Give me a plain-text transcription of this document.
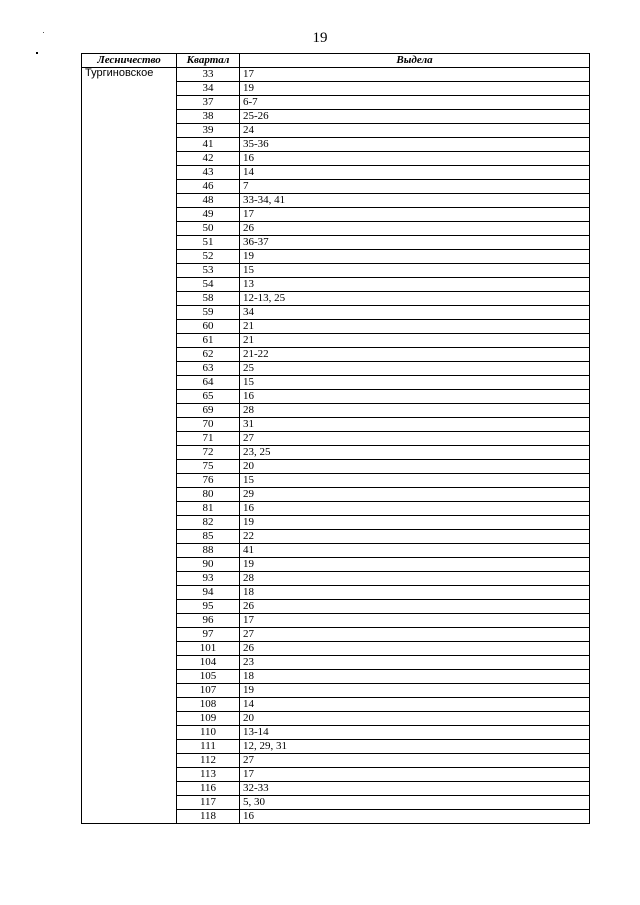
19
Лесничество	Квартал	Выдела
Тургиновское	33	17
	34	19
	37	6-7
	38	25-26
	39	24
	41	35-36
	42	16
	43	14
	46	7
	48	33-34, 41
	49	17
	50	26
	51	36-37
	52	19
	53	15
	54	13
	58	12-13, 25
	59	34
	60	21
	61	21
	62	21-22
	63	25
	64	15
	65	16
	69	28
	70	31
	71	27
	72	23, 25
	75	20
	76	15
	80	29
	81	16
	82	19
	85	22
	88	41
	90	19
	93	28
	94	18
	95	26
	96	17
	97	27
	101	26
	104	23
	105	18
	107	19
	108	14
	109	20
	110	13-14
	111	12, 29, 31
	112	27
	113	17
	116	32-33
	117	5, 30
	118	16
